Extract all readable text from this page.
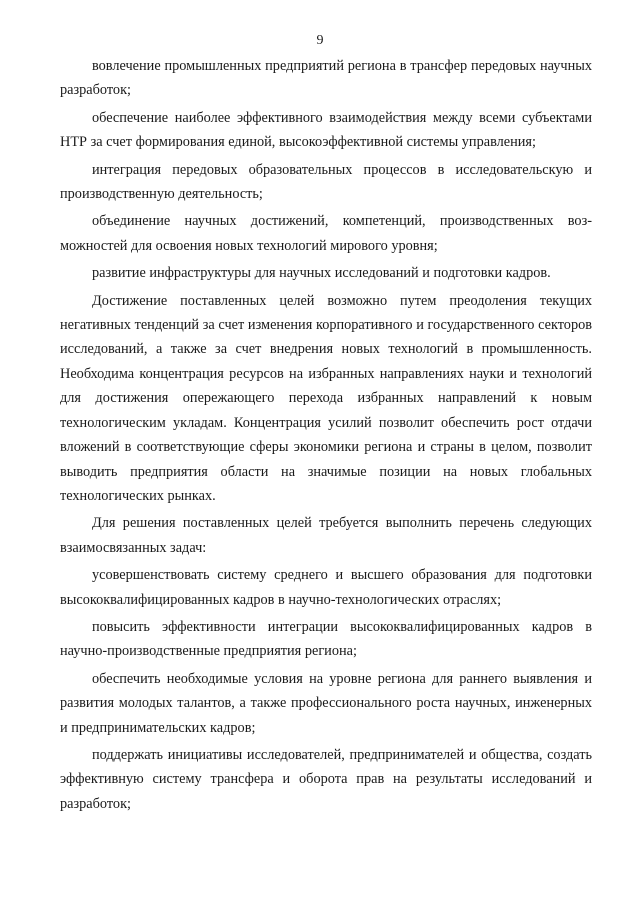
9

вовлечение промышленных предприятий региона в трансфер передовых научных разработок;

обеспечение наиболее эффективного взаимодействия между всеми субъектами НТР за счет формирования единой, высокоэффективной системы управления;

интеграция передовых образовательных процессов в исследовательскую и производственную деятельность;

объединение научных достижений, компетенций, производственных возможностей для освоения новых технологий мирового уровня;

развитие инфраструктуры для научных исследований и подготовки кадров.

Достижение поставленных целей возможно путем преодоления текущих негативных тенденций за счет изменения корпоративного и государственного секторов исследований, а также за счет внедрения новых технологий в промышленность. Необходима концентрация ресурсов на избранных направлениях науки и технологий для достижения опережающего перехода избранных направлений к новым технологическим укладам. Концентрация усилий позволит обеспечить рост отдачи вложений в соответствующие сферы экономики региона и страны в целом, позволит выводить предприятия области на значимые позиции на новых глобальных технологических рынках.

Для решения поставленных целей требуется выполнить перечень следующих взаимосвязанных задач:

усовершенствовать систему среднего и высшего образования для подготовки высококвалифицированных кадров в научно-технологических отраслях;

повысить эффективности интеграции высококвалифицированных кадров в научно-производственные предприятия региона;

обеспечить необходимые условия на уровне региона для раннего выявления и развития молодых талантов, а также профессионального роста научных, инженерных и предпринимательских кадров;

поддержать инициативы исследователей, предпринимателей и общества, создать эффективную систему трансфера и оборота прав на результаты исследований и разработок;
